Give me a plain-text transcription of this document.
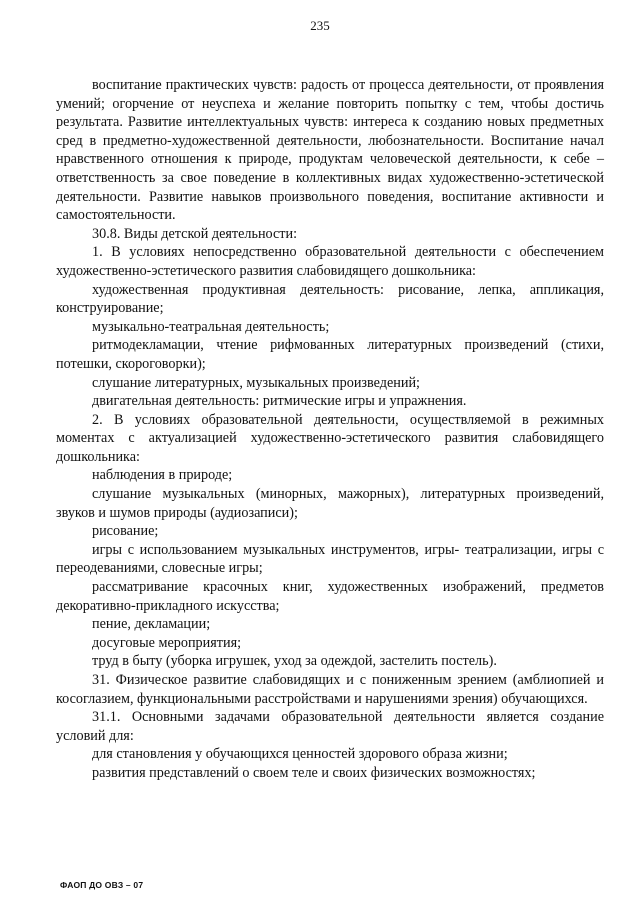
235

воспитание практических чувств: радость от процесса деятельности, от проявления умений; огорчение от неуспеха и желание повторить попытку с тем, чтобы достичь результата. Развитие интеллектуальных чувств: интереса к созданию новых предметных сред в предметно-художественной деятельности, любознательности. Воспитание начал нравственного отношения к природе, продуктам человеческой деятельности, к себе – ответственность за свое поведение в коллективных видах художественно-эстетической деятельности. Развитие навыков произвольного поведения, воспитание активности и самостоятельности.

30.8. Виды детской деятельности:

1. В условиях непосредственно образовательной деятельности с обеспечением художественно-эстетического развития слабовидящего дошкольника:

художественная продуктивная деятельность: рисование, лепка, аппликация, конструирование;

музыкально-театральная деятельность;

ритмодекламации, чтение рифмованных литературных произведений (стихи, потешки, скороговорки);

слушание литературных, музыкальных произведений;

двигательная деятельность: ритмические игры и упражнения.

2. В условиях образовательной деятельности, осуществляемой в режимных моментах с актуализацией художественно-эстетического развития слабовидящего дошкольника:

наблюдения в природе;

слушание музыкальных (минорных, мажорных), литературных произведений, звуков и шумов природы (аудиозаписи);

рисование;

игры с использованием музыкальных инструментов, игры- театрализации, игры с переодеваниями, словесные игры;

рассматривание красочных книг, художественных изображений, предметов декоративно-прикладного искусства;

пение, декламации;

досуговые мероприятия;

труд в быту (уборка игрушек, уход за одеждой, застелить постель).

31. Физическое развитие слабовидящих и с пониженным зрением (амблиопией и косоглазием, функциональными расстройствами и нарушениями зрения) обучающихся.

31.1. Основными задачами образовательной деятельности является создание условий для:

для становления у обучающихся ценностей здорового образа жизни;

развития представлений о своем теле и своих физических возможностях;

ФАОП ДО ОВЗ – 07
